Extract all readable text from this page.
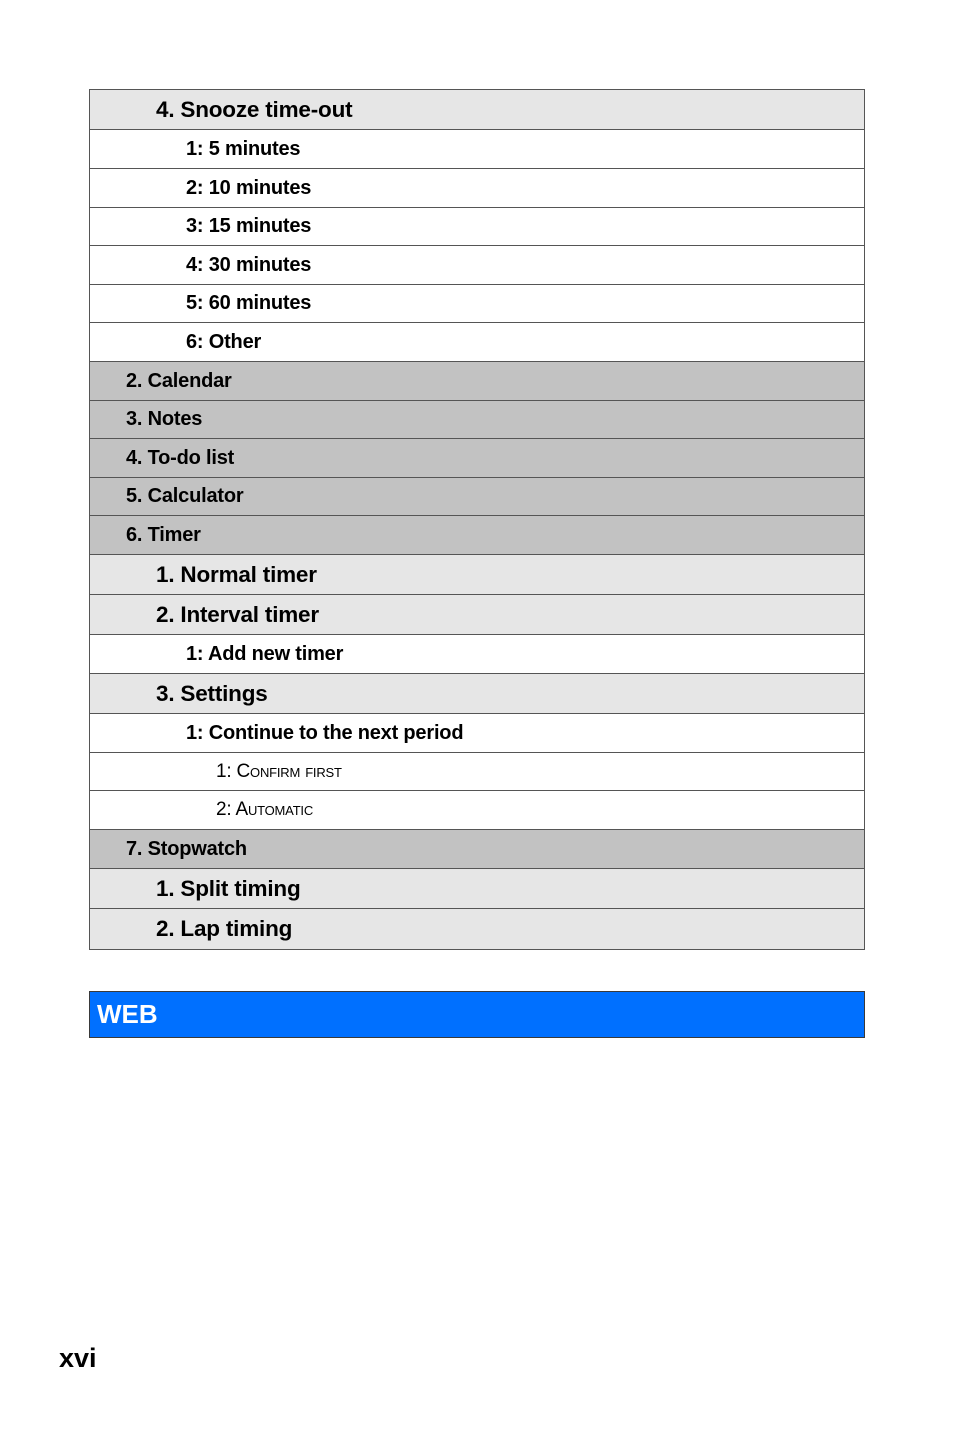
4. Snooze time-out
1: 5 minutes
2: 10 minutes
3: 15 minutes
4: 30 minutes
5: 60 minutes
6: Other
2. Calendar
3. Notes
4. To-do list
5. Calculator
6. Timer
1. Normal timer
2. Interval timer
1: Add new timer
3. Settings
1: Continue to the next period
1: Confirm first
2: Automatic
7. Stopwatch
1. Split timing
2. Lap timing
WEB
xvi
